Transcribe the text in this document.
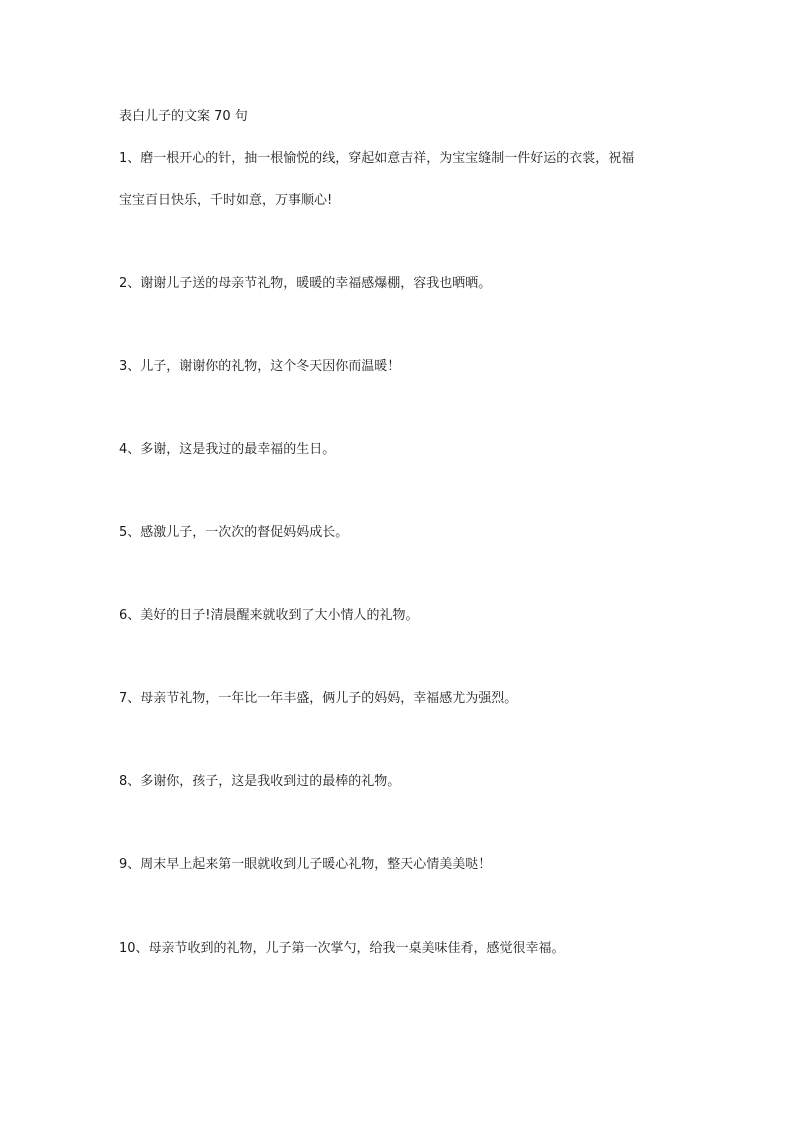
表白儿子的文案 70 句
1、磨一根开心的针，抽一根愉悦的线，穿起如意吉祥，为宝宝缝制一件好运的衣裳，祝福
宝宝百日快乐，千时如意，万事顺心!
2、谢谢儿子送的母亲节礼物，暖暖的幸福感爆棚，容我也晒晒。
3、儿子，谢谢你的礼物，这个冬天因你而温暖！
4、多谢，这是我过的最幸福的生日。
5、感激儿子，一次次的督促妈妈成长。
6、美好的日子!清晨醒来就收到了大小情人的礼物。
7、母亲节礼物，一年比一年丰盛，俩儿子的妈妈，幸福感尤为强烈。
8、多谢你，孩子，这是我收到过的最棒的礼物。
9、周末早上起来第一眼就收到儿子暖心礼物，整天心情美美哒！
10、母亲节收到的礼物，儿子第一次掌勺，给我一桌美味佳肴，感觉很幸福。
